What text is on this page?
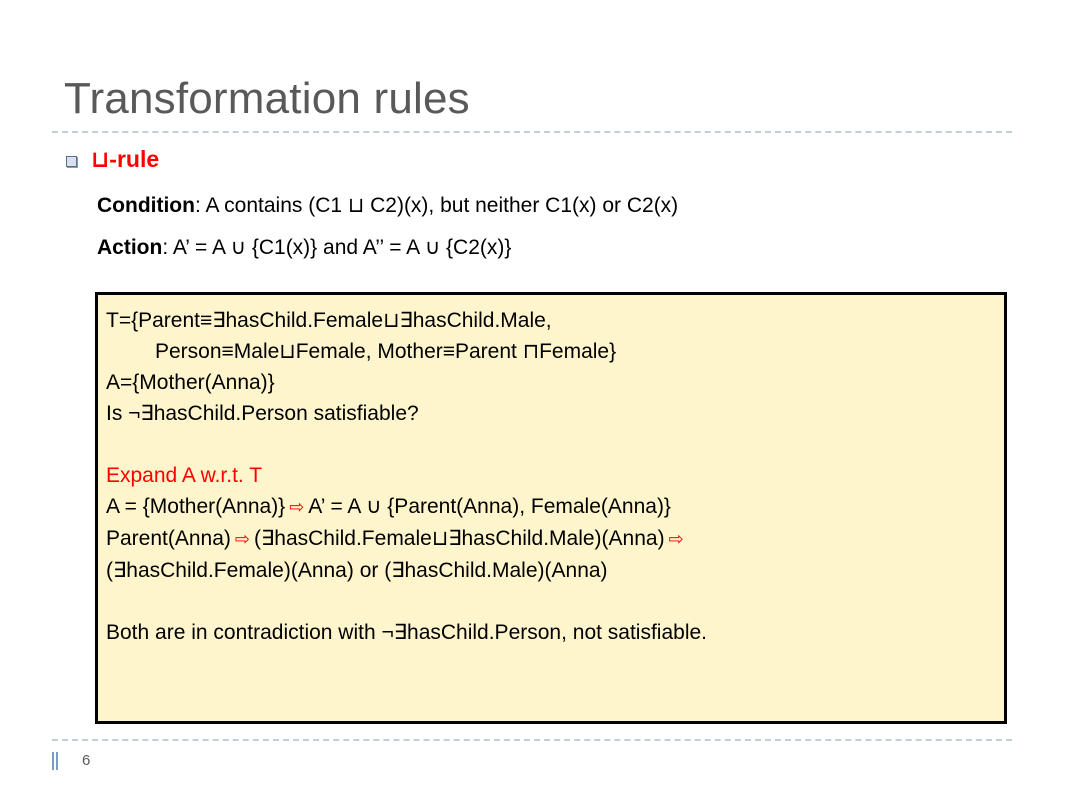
Transformation rules
⊔-rule
Condition: A contains (C1 ⊔ C2)(x), but neither C1(x) or C2(x)
Action: A’ = A ∪ {C1(x)} and A’’ = A ∪ {C2(x)}

T={Parent≡∃hasChild.Female⊔∃hasChild.Male,

Person≡Male⊔Female, Mother≡Parent ⊓Female}

A={Mother(Anna)}

Is ¬∃hasChild.Person satisfiable?

Expand A w.r.t. T

A = {Mother(Anna)} ⇨ A’ = A ∪ {Parent(Anna), Female(Anna)}

Parent(Anna) ⇨ (∃hasChild.Female⊔∃hasChild.Male)(Anna) ⇨

(∃hasChild.Female)(Anna) or (∃hasChild.Male)(Anna)

Both are in contradiction with ¬∃hasChild.Person, not satisfiable.

6
